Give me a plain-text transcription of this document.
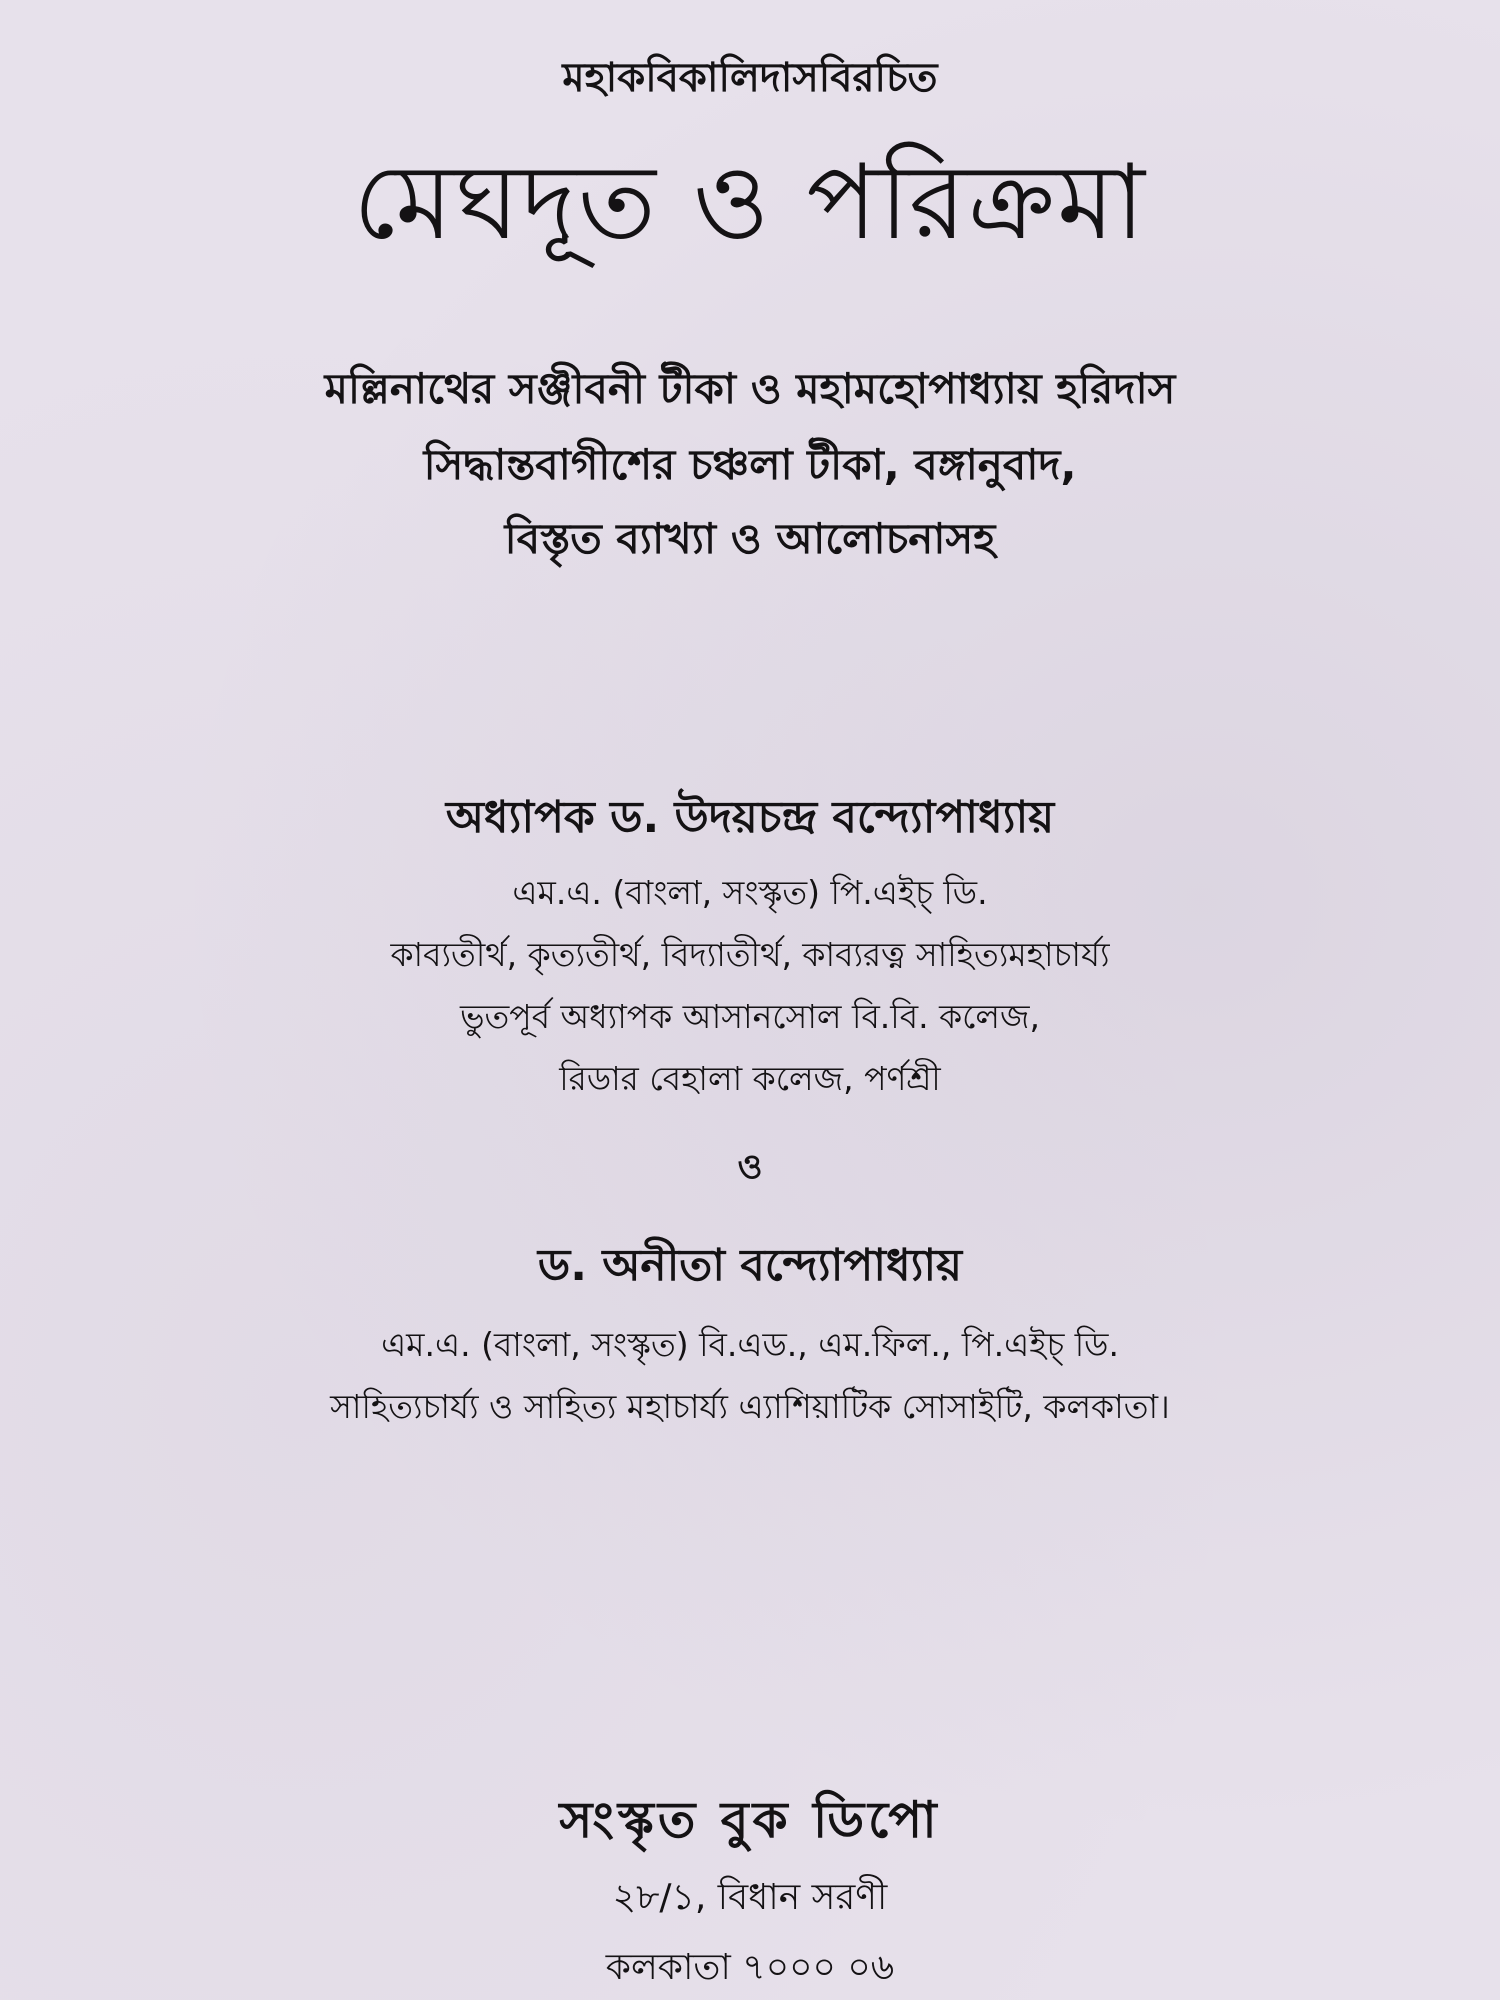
মহাকবিকালিদাসবিরচিত
মেঘদূত ও পরিক্রমা
মল্লিনাথের সঞ্জীবনী টীকা ও মহামহোপাধ্যায় হরিদাস
সিদ্ধান্তবাগীশের চঞ্চলা টীকা, বঙ্গানুবাদ,
বিস্তৃত ব্যাখ্যা ও আলোচনাসহ
অধ্যাপক ড. উদয়চন্দ্র বন্দ্যোপাধ্যায়
এম.এ. (বাংলা, সংস্কৃত) পি.এইচ্ ডি.
কাব্যতীর্থ, কৃত্যতীর্থ, বিদ্যাতীর্থ, কাব্যরত্ন সাহিত্যমহাচার্য্য
ভুতপূর্ব অধ্যাপক আসানসোল বি.বি. কলেজ,
রিডার বেহালা কলেজ, পর্ণশ্রী
ও
ড. অনীতা বন্দ্যোপাধ্যায়
এম.এ. (বাংলা, সংস্কৃত) বি.এড., এম.ফিল., পি.এইচ্ ডি.
সাহিত্যচার্য্য ও সাহিত্য মহাচার্য্য এ্যাশিয়াটিক সোসাইটি, কলকাতা।
সংস্কৃত বুক ডিপো
২৮/১, বিধান সরণী
কলকাতা ৭০০০ ০৬
